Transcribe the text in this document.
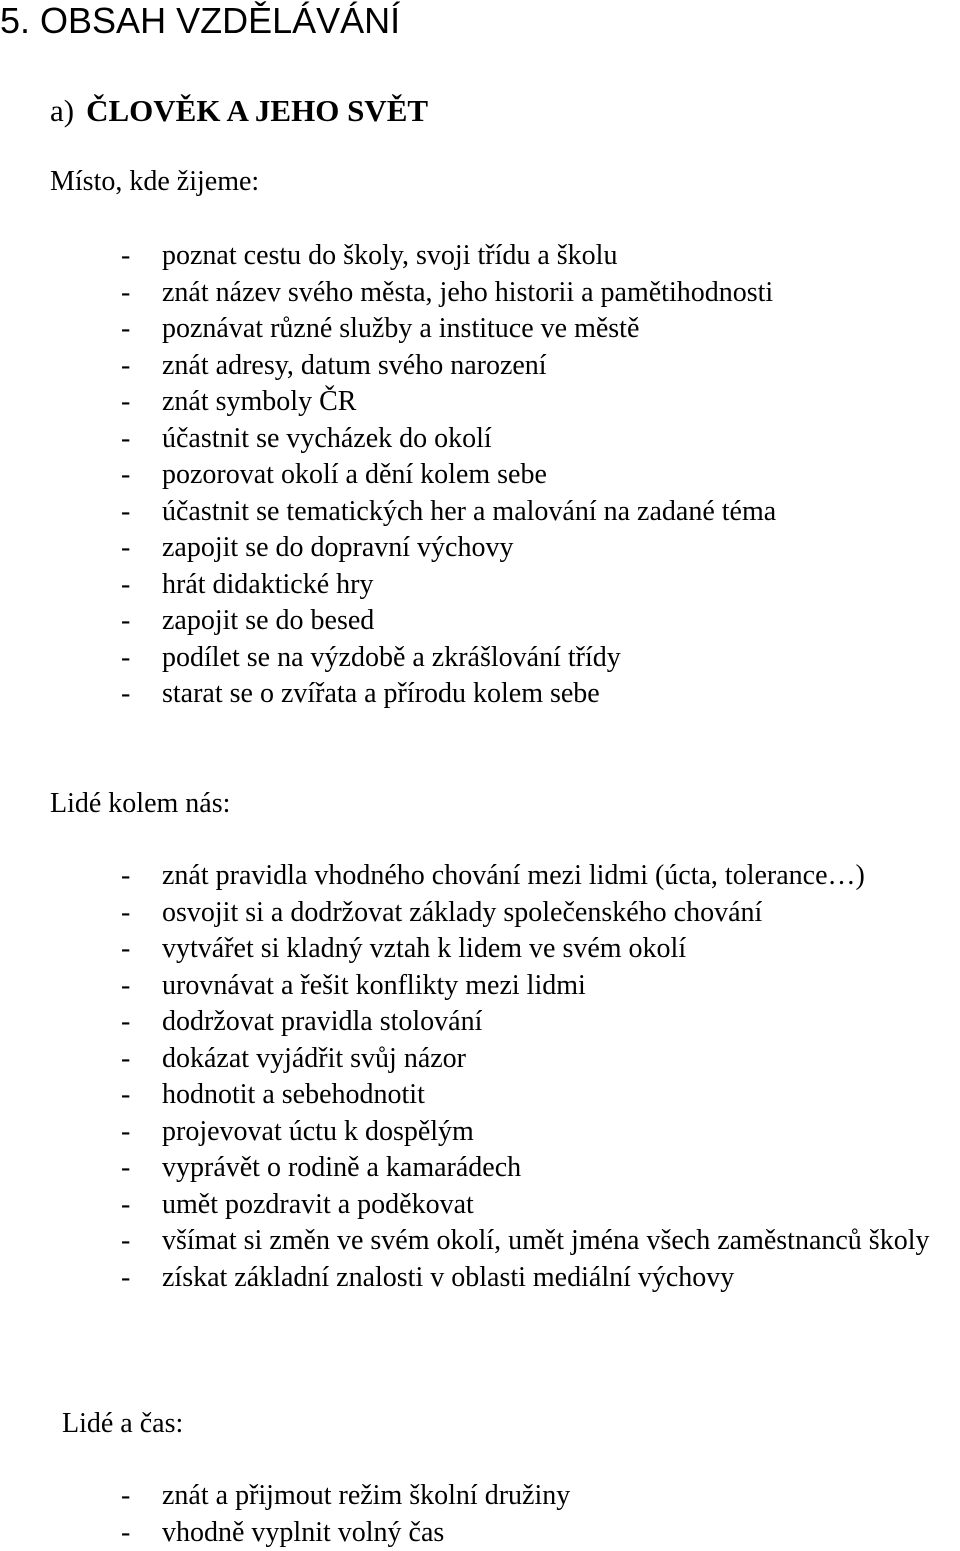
5. OBSAH VZDĚLÁVÁNÍ
a) ČLOVĚK A JEHO SVĚT
Místo, kde žijeme:
- poznat cestu do školy, svoji třídu a školu
- znát název svého města, jeho historii a pamětihodnosti
- poznávat různé služby a instituce ve městě
- znát adresy, datum svého narození
- znát symboly ČR
- účastnit se vycházek do okolí
- pozorovat okolí a dění kolem sebe
- účastnit se tematických her a malování na zadané téma
- zapojit se do dopravní výchovy
- hrát didaktické hry
- zapojit se do besed
- podílet se na výzdobě a zkrášlování třídy
- starat se o zvířata a přírodu kolem sebe
Lidé kolem nás:
- znát pravidla vhodného chování mezi lidmi (úcta, tolerance…)
- osvojit si a dodržovat základy společenského chování
- vytvářet si kladný vztah k lidem ve svém okolí
- urovnávat a řešit konflikty mezi lidmi
- dodržovat pravidla stolování
- dokázat vyjádřit svůj názor
- hodnotit a sebehodnotit
- projevovat úctu k dospělým
- vyprávět o rodině a kamarádech
- umět pozdravit a poděkovat
- všímat si změn ve svém okolí, umět jména všech zaměstnanců školy
- získat základní znalosti v oblasti mediální výchovy
Lidé a čas:
- znát a přijmout režim školní družiny
- vhodně vyplnit volný čas
